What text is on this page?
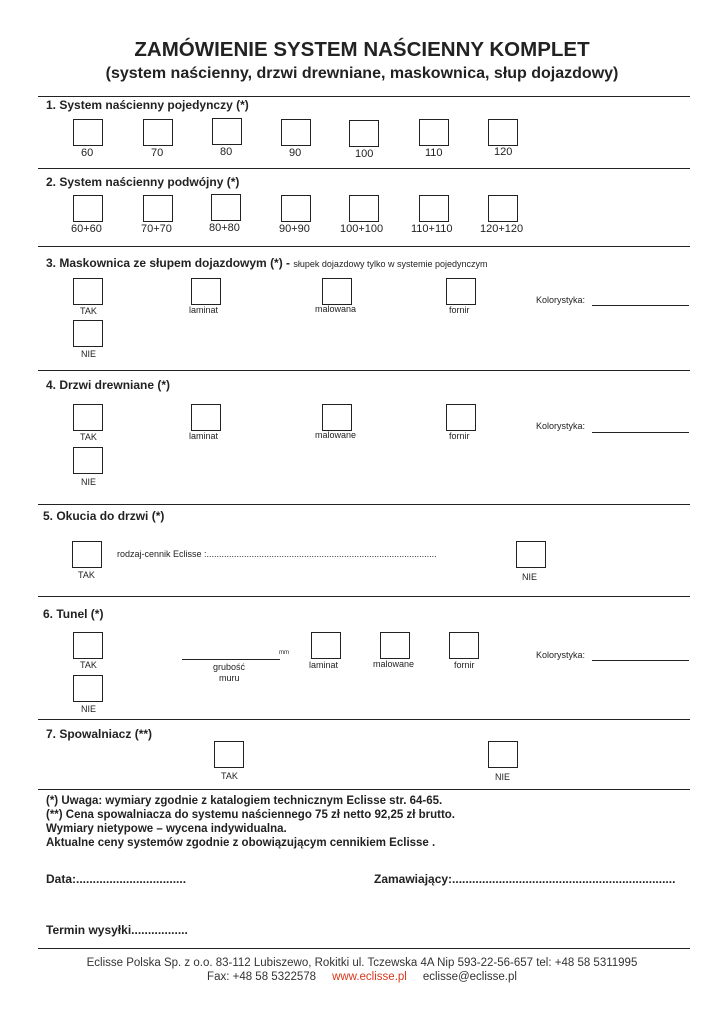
ZAMÓWIENIE SYSTEM NAŚCIENNY KOMPLET
(system naścienny, drzwi drewniane, maskownica, słup dojazdowy)
1. System naścienny pojedynczy (*)
60	70	80	90	100	110	120
2. System naścienny podwójny (*)
60+60	70+70	80+80	90+90	100+100	110+110	120+120
3. Maskownica ze słupem dojazdowym (*) - słupek dojazdowy tylko w systemie pojedynczym
TAK
NIE
laminat	malowana	fornir
Kolorystyka:
4. Drzwi drewniane (*)
TAK
NIE
laminat	malowane	fornir
Kolorystyka:
5. Okucia do drzwi (*)
TAK
rodzaj-cennik Eclisse :............................................................................................
NIE
6. Tunel (*)
TAK
NIE
mm
grubość
muru
laminat	malowane	fornir
Kolorystyka:
7. Spowalniacz (**)
TAK	NIE
(*) Uwaga: wymiary zgodnie z katalogiem technicznym Eclisse str. 64-65.
(**) Cena spowalniacza do systemu naściennego 75 zł netto 92,25 zł brutto.
Wymiary nietypowe – wycena indywidualna.
Aktualne ceny systemów zgodnie z obowiązującym cennikiem Eclisse .
Data:.................................	Zamawiający:...................................................................
Termin wysyłki.................
Eclisse Polska Sp. z o.o. 83-112 Lubiszewo, Rokitki ul. Tczewska 4A Nip 593-22-56-657 tel: +48 58 5311995
Fax: +48 58 5322578 www.eclisse.pl eclisse@eclisse.pl
